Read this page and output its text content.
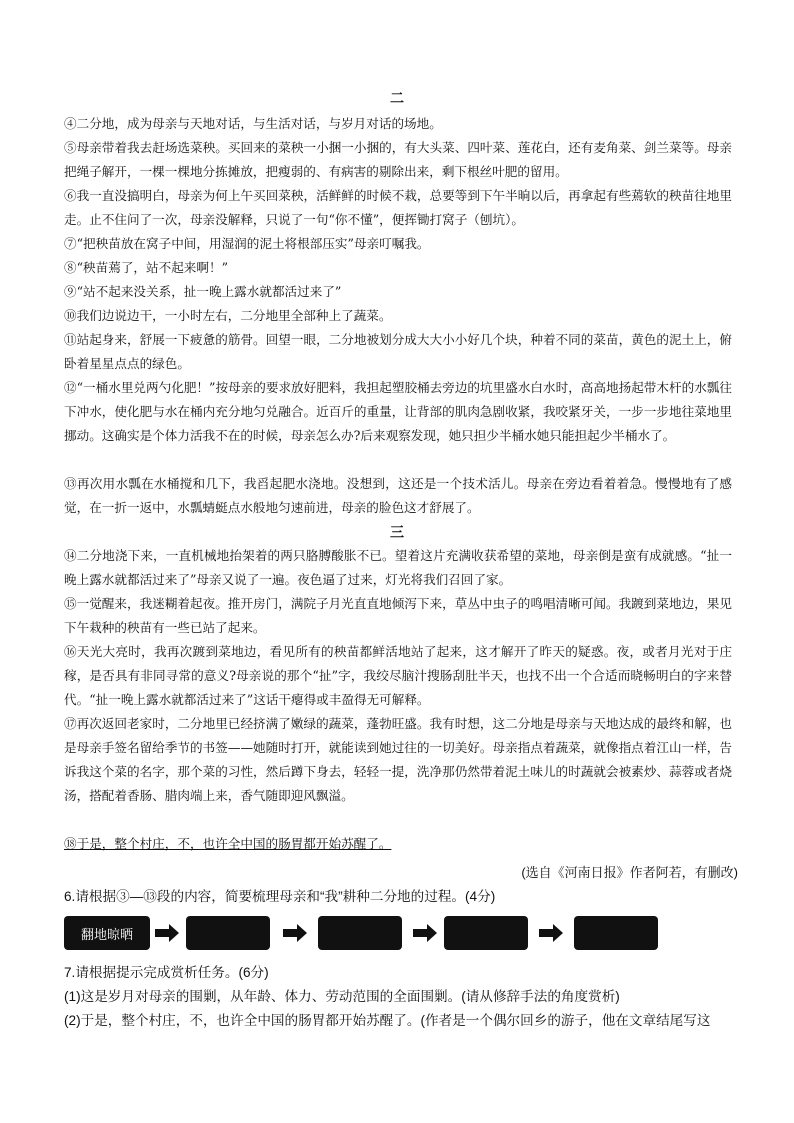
二

④二分地，成为母亲与天地对话，与生活对话，与岁月对话的场地。

⑤母亲带着我去赶场选菜秧。买回来的菜秧一小捆一小捆的，有大头菜、四叶菜、莲花白，还有麦角菜、剑兰菜等。母亲把绳子解开，一棵一棵地分拣摊放，把瘦弱的、有病害的剔除出来，剩下根丝叶肥的留用。

⑥我一直没搞明白，母亲为何上午买回菜秧，活鲜鲜的时候不栽，总要等到下午半晌以后，再拿起有些蔫软的秧苗往地里走。止不住问了一次，母亲没解释，只说了一句“你不懂”，便挥锄打窝子（刨坑）。

⑦“把秧苗放在窝子中间，用湿润的泥土将根部压实”母亲叮嘱我。

⑧“秧苗蔫了，站不起来啊！”

⑨“站不起来没关系，扯一晚上露水就都活过来了”

⑩我们边说边干，一小时左右，二分地里全部种上了蔬菜。

⑪站起身来，舒展一下疲惫的筋骨。回望一眼，二分地被划分成大大小小好几个块，种着不同的菜苗，黄色的泥土上，俯卧着星星点点的绿色。

⑫“一桶水里兑两勺化肥！”按母亲的要求放好肥料，我担起塑胶桶去旁边的坑里盛水白水时，高高地扬起带木杆的水瓢往下冲水，使化肥与水在桶内充分地匀兑融合。近百斤的重量，让背部的肌肉急剧收紧，我咬紧牙关，一步一步地往菜地里挪动。这确实是个体力活我不在的时候，母亲怎么办?后来观察发现，她只担少半桶水她只能担起少半桶水了。

⑬再次用水瓢在水桶搅和几下，我舀起肥水浇地。没想到，这还是一个技术活儿。母亲在旁边看着着急。慢慢地有了感觉，在一折一返中，水瓢蜻蜓点水般地匀速前进，母亲的脸色这才舒展了。

三

⑭二分地浇下来，一直机械地抬架着的两只胳膊酸胀不已。望着这片充满收获希望的菜地，母亲倒是蛮有成就感。“扯一晚上露水就都活过来了”母亲又说了一遍。夜色逼了过来，灯光将我们召回了家。

⑮一觉醒来，我迷糊着起夜。推开房门，满院子月光直直地倾泻下来，草丛中虫子的鸣唱清晰可闻。我踱到菜地边，果见下午栽种的秧苗有一些已站了起来。

⑯天光大亮时，我再次踱到菜地边，看见所有的秧苗都鲜活地站了起来，这才解开了昨天的疑惑。夜，或者月光对于庄稼，是否具有非同寻常的意义?母亲说的那个“扯”字，我绞尽脑汁搜肠刮肚半天，也找不出一个合适而晓畅明白的字来替代。“扯一晚上露水就都活过来了”这话干瘪得或丰盈得无可解释。

⑰再次返回老家时，二分地里已经挤满了嫩绿的蔬菜，蓬勃旺盛。我有时想，这二分地是母亲与天地达成的最终和解，也是母亲手签名留给季节的书签——她随时打开，就能读到她过往的一切美好。母亲指点着蔬菜，就像指点着江山一样，告诉我这个菜的名字，那个菜的习性，然后蹲下身去，轻轻一提，洗净那仍然带着泥土味儿的时蔬就会被素炒、蒜蓉或者烧汤，搭配着香肠、腊肉端上来，香气随即迎风飘溢。

⑱于是，整个村庄，不，也许全中国的肠胃都开始苏醒了。

(选自《河南日报》作者阿若，有删改)

6.请根据③—⑬段的内容，简要梳理母亲和“我”耕种二分地的过程。(4分)

翻地晾晒

7.请根据提示完成赏析任务。(6分)

(1)这是岁月对母亲的围剿，从年龄、体力、劳动范围的全面围剿。(请从修辞手法的角度赏析)

(2)于是，整个村庄，不，也许全中国的肠胃都开始苏醒了。(作者是一个偶尔回乡的游子，他在文章结尾写这
